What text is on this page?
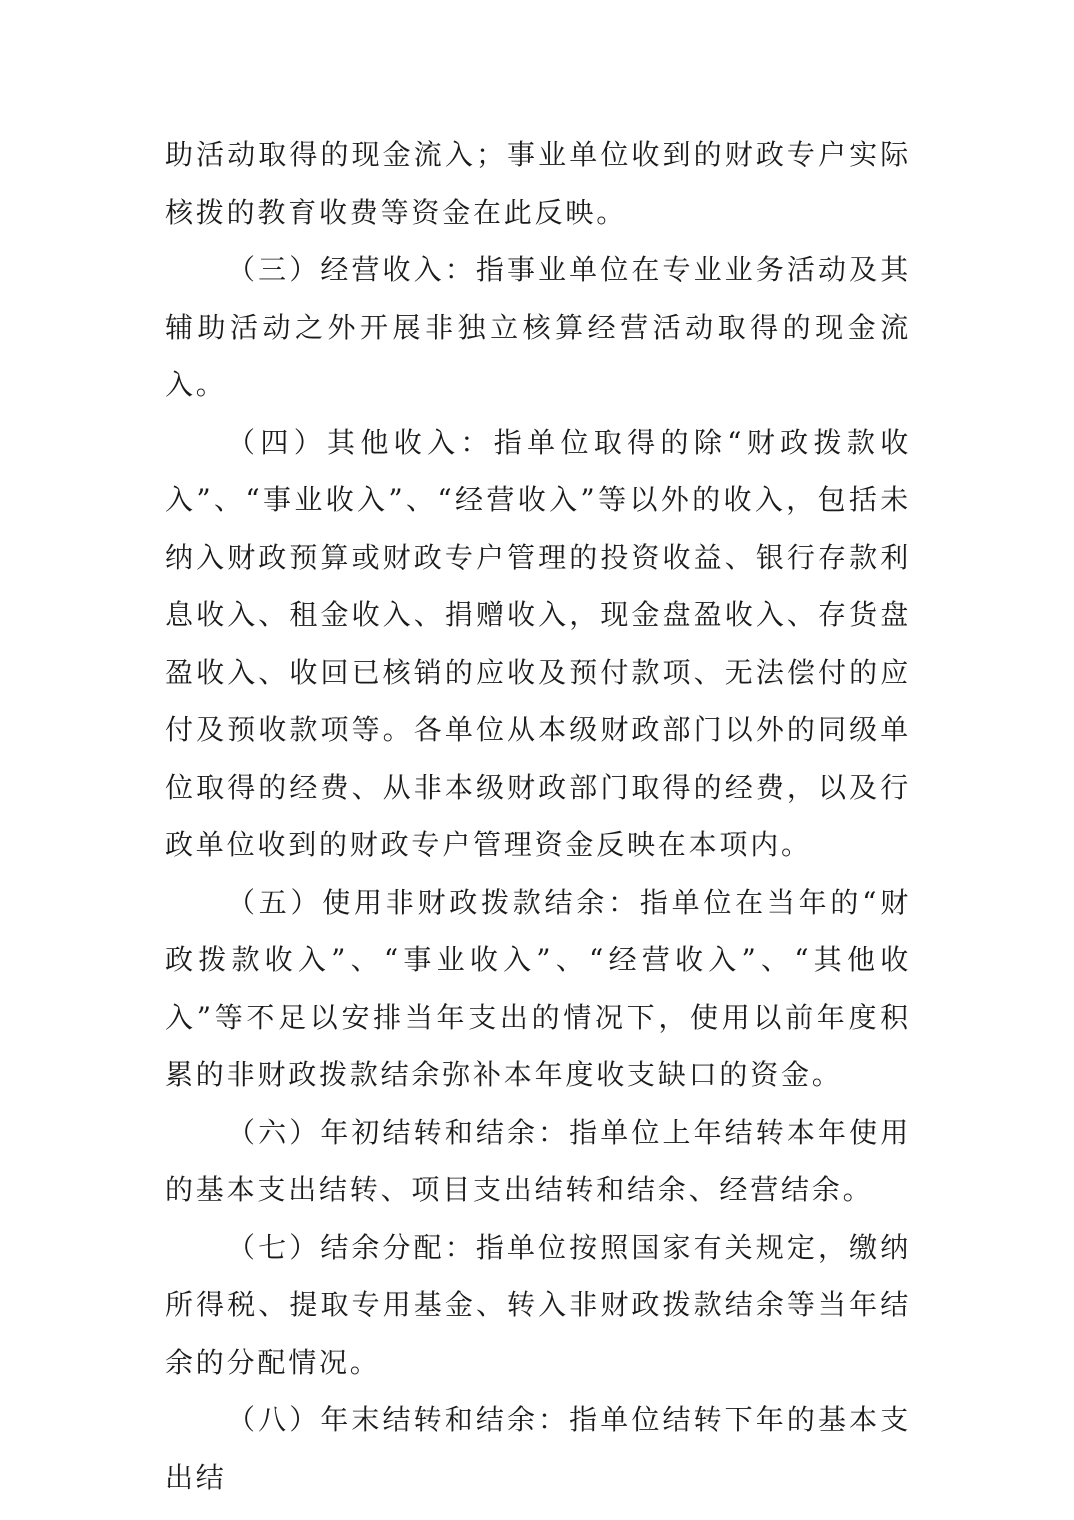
助活动取得的现金流入；事业单位收到的财政专户实际核拨的教育收费等资金在此反映。

（三）经营收入：指事业单位在专业业务活动及其辅助活动之外开展非独立核算经营活动取得的现金流入。

（四）其他收入：指单位取得的除“财政拨款收入”、“事业收入”、“经营收入”等以外的收入，包括未纳入财政预算或财政专户管理的投资收益、银行存款利息收入、租金收入、捐赠收入，现金盘盈收入、存货盘盈收入、收回已核销的应收及预付款项、无法偿付的应付及预收款项等。各单位从本级财政部门以外的同级单位取得的经费、从非本级财政部门取得的经费，以及行政单位收到的财政专户管理资金反映在本项内。

（五）使用非财政拨款结余：指单位在当年的“财政拨款收入”、“事业收入”、“经营收入”、“其他收入”等不足以安排当年支出的情况下，使用以前年度积累的非财政拨款结余弥补本年度收支缺口的资金。

（六）年初结转和结余：指单位上年结转本年使用的基本支出结转、项目支出结转和结余、经营结余。

（七）结余分配：指单位按照国家有关规定，缴纳所得税、提取专用基金、转入非财政拨款结余等当年结余的分配情况。

（八）年末结转和结余：指单位结转下年的基本支出结
